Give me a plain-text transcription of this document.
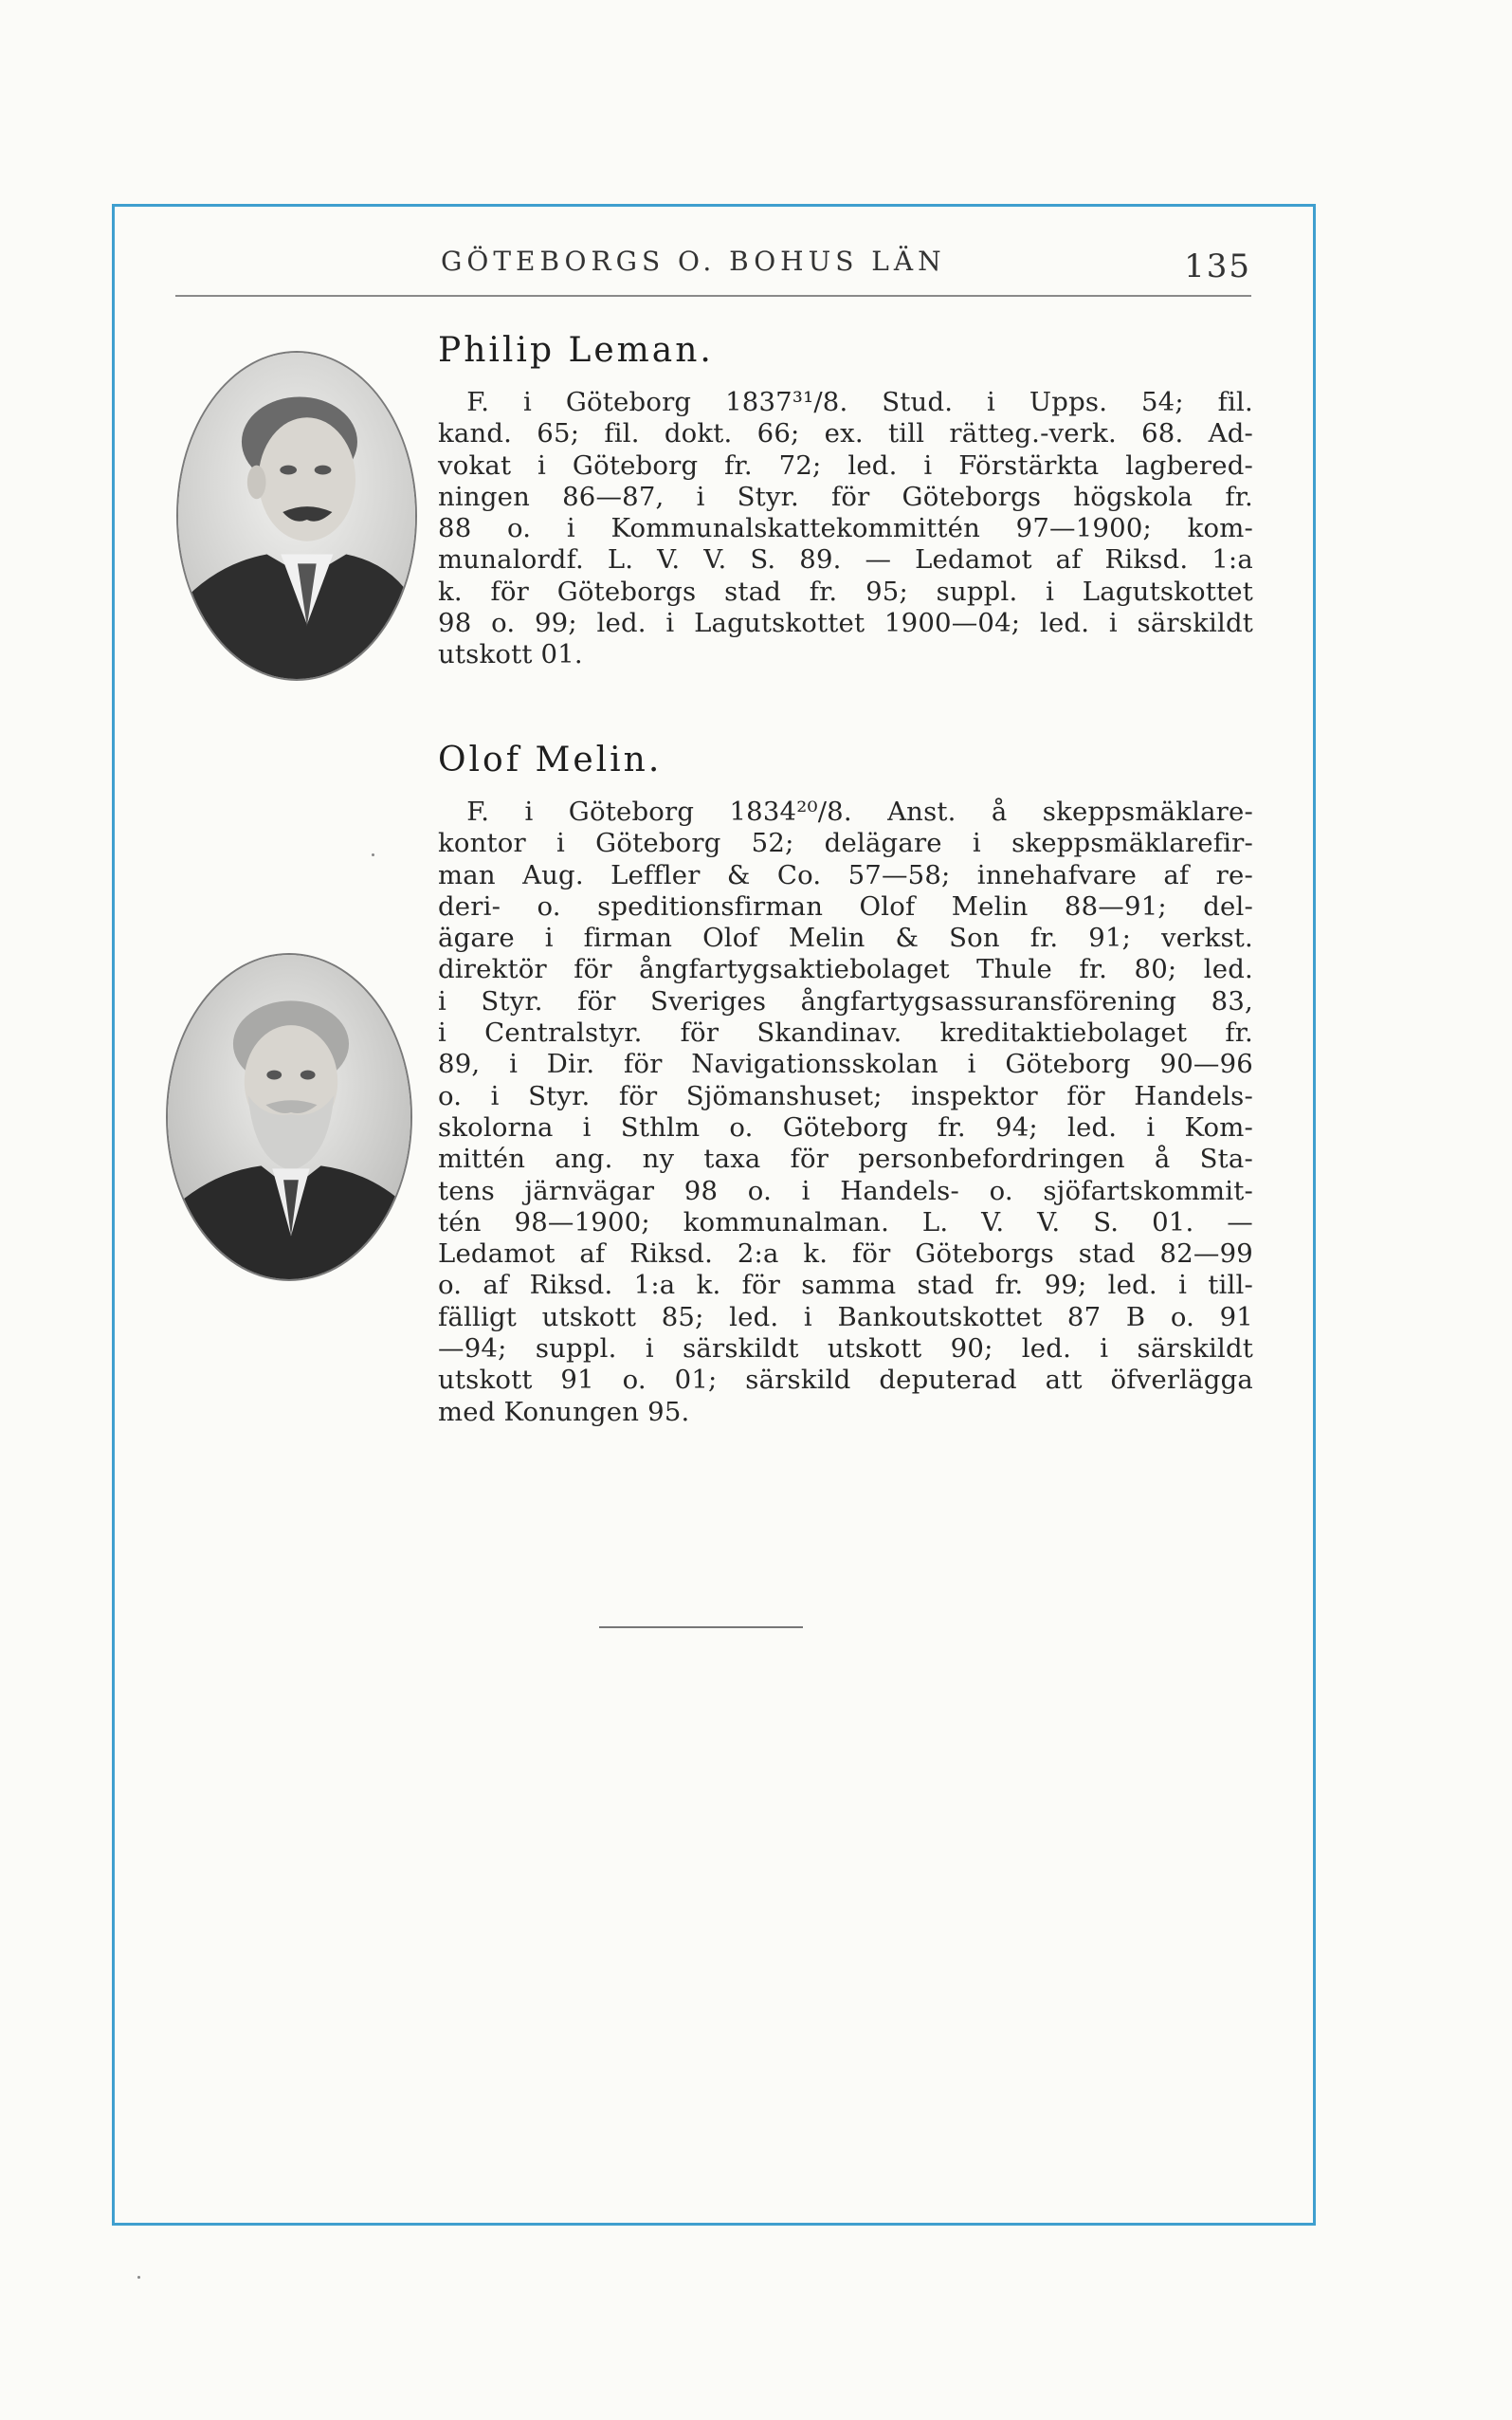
GÖTEBORGS O. BOHUS LÄN	135
Philip Leman.

F. i Göteborg 1837³¹/8. Stud. i Upps. 54; fil.
kand. 65; fil. dokt. 66; ex. till rätteg.-verk. 68. Ad-
vokat i Göteborg fr. 72; led. i Förstärkta lagbered-
ningen 86—87, i Styr. för Göteborgs högskola fr.
88 o. i Kommunalskattekommittén 97—1900; kom-
munalordf. L. V. V. S. 89. — Ledamot af Riksd. 1:a
k. för Göteborgs stad fr. 95; suppl. i Lagutskottet
98 o. 99; led. i Lagutskottet 1900—04; led. i särskildt
utskott 01.

Olof Melin.

F. i Göteborg 1834²⁰/8. Anst. å skeppsmäklare-
kontor i Göteborg 52; delägare i skeppsmäklarefir-
man Aug. Leffler & Co. 57—58; innehafvare af re-
deri- o. speditionsfirman Olof Melin 88—91; del-
ägare i firman Olof Melin & Son fr. 91; verkst.
direktör för ångfartygsaktiebolaget Thule fr. 80; led.
i Styr. för Sveriges ångfartygsassuransförening 83,
i Centralstyr. för Skandinav. kreditaktiebolaget fr.
89, i Dir. för Navigationsskolan i Göteborg 90—96
o. i Styr. för Sjömanshuset; inspektor för Handels-
skolorna i Sthlm o. Göteborg fr. 94; led. i Kom-
mittén ang. ny taxa för personbefordringen å Sta-
tens järnvägar 98 o. i Handels- o. sjöfartskommit-
tén 98—1900; kommunalman. L. V. V. S. 01. —
Ledamot af Riksd. 2:a k. för Göteborgs stad 82—99
o. af Riksd. 1:a k. för samma stad fr. 99; led. i till-
fälligt utskott 85; led. i Bankoutskottet 87 B o. 91
—94; suppl. i särskildt utskott 90; led. i särskildt
utskott 91 o. 01; särskild deputerad att öfverlägga
med Konungen 95.
